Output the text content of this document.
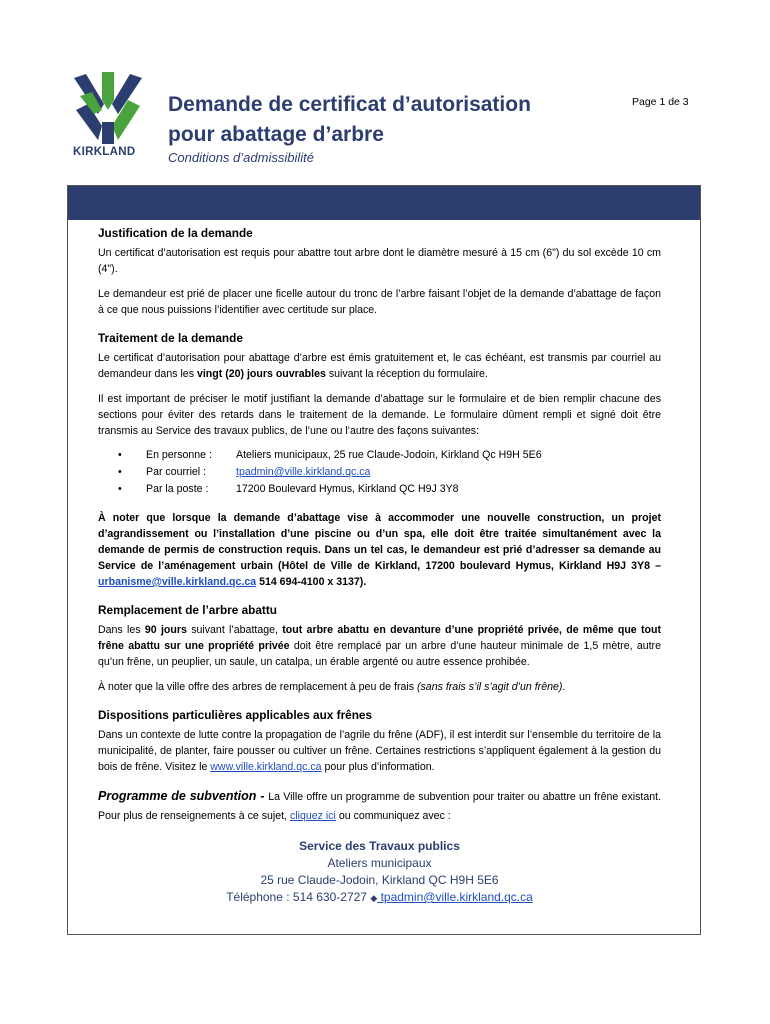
KIRKLAND
Demande de certificat d’autorisation
pour abattage d’arbre
Conditions d’admissibilité
Page 1 de 3
Justification de la demande

Un certificat d’autorisation est requis pour abattre tout arbre dont le diamètre mesuré à 15 cm (6") du sol excède 10 cm (4").

Le demandeur est prié de placer une ficelle autour du tronc de l’arbre faisant l’objet de la demande d’abattage de façon à ce que nous puissions l’identifier avec certitude sur place.

Traitement de la demande

Le certificat d’autorisation pour abattage d’arbre est émis gratuitement et, le cas échéant, est transmis par courriel au demandeur dans les vingt (20) jours ouvrables suivant la réception du formulaire.

Il est important de préciser le motif justifiant la demande d’abattage sur le formulaire et de bien remplir chacune des sections pour éviter des retards dans le traitement de la demande. Le formulaire dûment rempli et signé doit être transmis au Service des travaux publics, de l’une ou l’autre des façons suivantes:

•	En personne :	Ateliers municipaux, 25 rue Claude-Jodoin, Kirkland Qc H9H 5E6
•	Par courriel :	tpadmin@ville.kirkland.qc.ca
•	Par la poste :	17200 Boulevard Hymus, Kirkland QC H9J 3Y8

À noter que lorsque la demande d’abattage vise à accommoder une nouvelle construction, un projet d’agrandissement ou l’installation d’une piscine ou d’un spa, elle doit être traitée simultanément avec la demande de permis de construction requis. Dans un tel cas, le demandeur est prié d’adresser sa demande au Service de l’aménagement urbain (Hôtel de Ville de Kirkland, 17200 boulevard Hymus, Kirkland H9J 3Y8 – urbanisme@ville.kirkland.qc.ca 514 694-4100 x 3137).

Remplacement de l’arbre abattu

Dans les 90 jours suivant l’abattage, tout arbre abattu en devanture d’une propriété privée, de même que tout frêne abattu sur une propriété privée doit être remplacé par un arbre d’une hauteur minimale de 1,5 mètre, autre qu’un frêne, un peuplier, un saule, un catalpa, un érable argenté ou autre essence prohibée.

À noter que la ville offre des arbres de remplacement à peu de frais (sans frais s’il s’agit d’un frêne).

Dispositions particulières applicables aux frênes

Dans un contexte de lutte contre la propagation de l’agrile du frêne (ADF), il est interdit sur l’ensemble du territoire de la municipalité, de planter, faire pousser ou cultiver un frêne. Certaines restrictions s’appliquent également à la gestion du bois de frêne. Visitez le www.ville.kirkland.qc.ca pour plus d’information.

Programme de subvention - La Ville offre un programme de subvention pour traiter ou abattre un frêne existant. Pour plus de renseignements à ce sujet, cliquez ici ou communiquez avec :

Service des Travaux publics
Ateliers municipaux
25 rue Claude-Jodoin, Kirkland QC H9H 5E6
Téléphone : 514 630-2727 ◆ tpadmin@ville.kirkland.qc.ca
